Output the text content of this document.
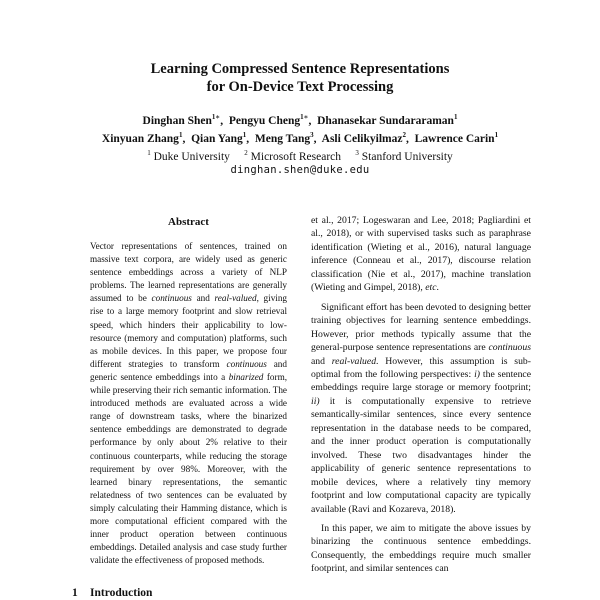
Learning Compressed Sentence Representations
for On-Device Text Processing
Dinghan Shen$^{1∗}$,  Pengyu Cheng$^{1∗}$,  Dhanasekar Sundararaman$^1$
Xinyuan Zhang$^1$,  Qian Yang$^1$,  Meng Tang$^3$,  Asli Celikyilmaz$^2$,  Lawrence Carin$^1$
$^1$ Duke University $^2$ Microsoft Research $^3$ Stanford University
dinghan.shen@duke.edu
Abstract

Vector representations of sentences, trained on massive text corpora, are widely used as generic sentence embeddings across a variety of NLP problems. The learned representations are generally assumed to be continuous and real-valued, giving rise to a large memory footprint and slow retrieval speed, which hinders their applicability to low-resource (memory and computation) platforms, such as mobile devices. In this paper, we propose four different strategies to transform continuous and generic sentence embeddings into a binarized form, while preserving their rich semantic information. The introduced methods are evaluated across a wide range of downstream tasks, where the binarized sentence embeddings are demonstrated to degrade performance by only about 2% relative to their continuous counterparts, while reducing the storage requirement by over 98%. Moreover, with the learned binary representations, the semantic relatedness of two sentences can be evaluated by simply calculating their Hamming distance, which is more computational efficient compared with the inner product operation between continuous embeddings. Detailed analysis and case study further validate the effectiveness of proposed methods.

1 Introduction

et al., 2017; Logeswaran and Lee, 2018; Pagliardini et al., 2018), or with supervised tasks such as paraphrase identification (Wieting et al., 2016), natural language inference (Conneau et al., 2017), discourse relation classification (Nie et al., 2017), machine translation (Wieting and Gimpel, 2018), etc.

Significant effort has been devoted to designing better training objectives for learning sentence embeddings. However, prior methods typically assume that the general-purpose sentence representations are continuous and real-valued. However, this assumption is sub-optimal from the following perspectives: i) the sentence embeddings require large storage or memory footprint; ii) it is computationally expensive to retrieve semantically-similar sentences, since every sentence representation in the database needs to be compared, and the inner product operation is computationally involved. These two disadvantages hinder the applicability of generic sentence representations to mobile devices, where a relatively tiny memory footprint and low computational capacity are typically available (Ravi and Kozareva, 2018).

In this paper, we aim to mitigate the above issues by binarizing the continuous sentence embeddings. Consequently, the embeddings require much smaller footprint, and similar sentences can
